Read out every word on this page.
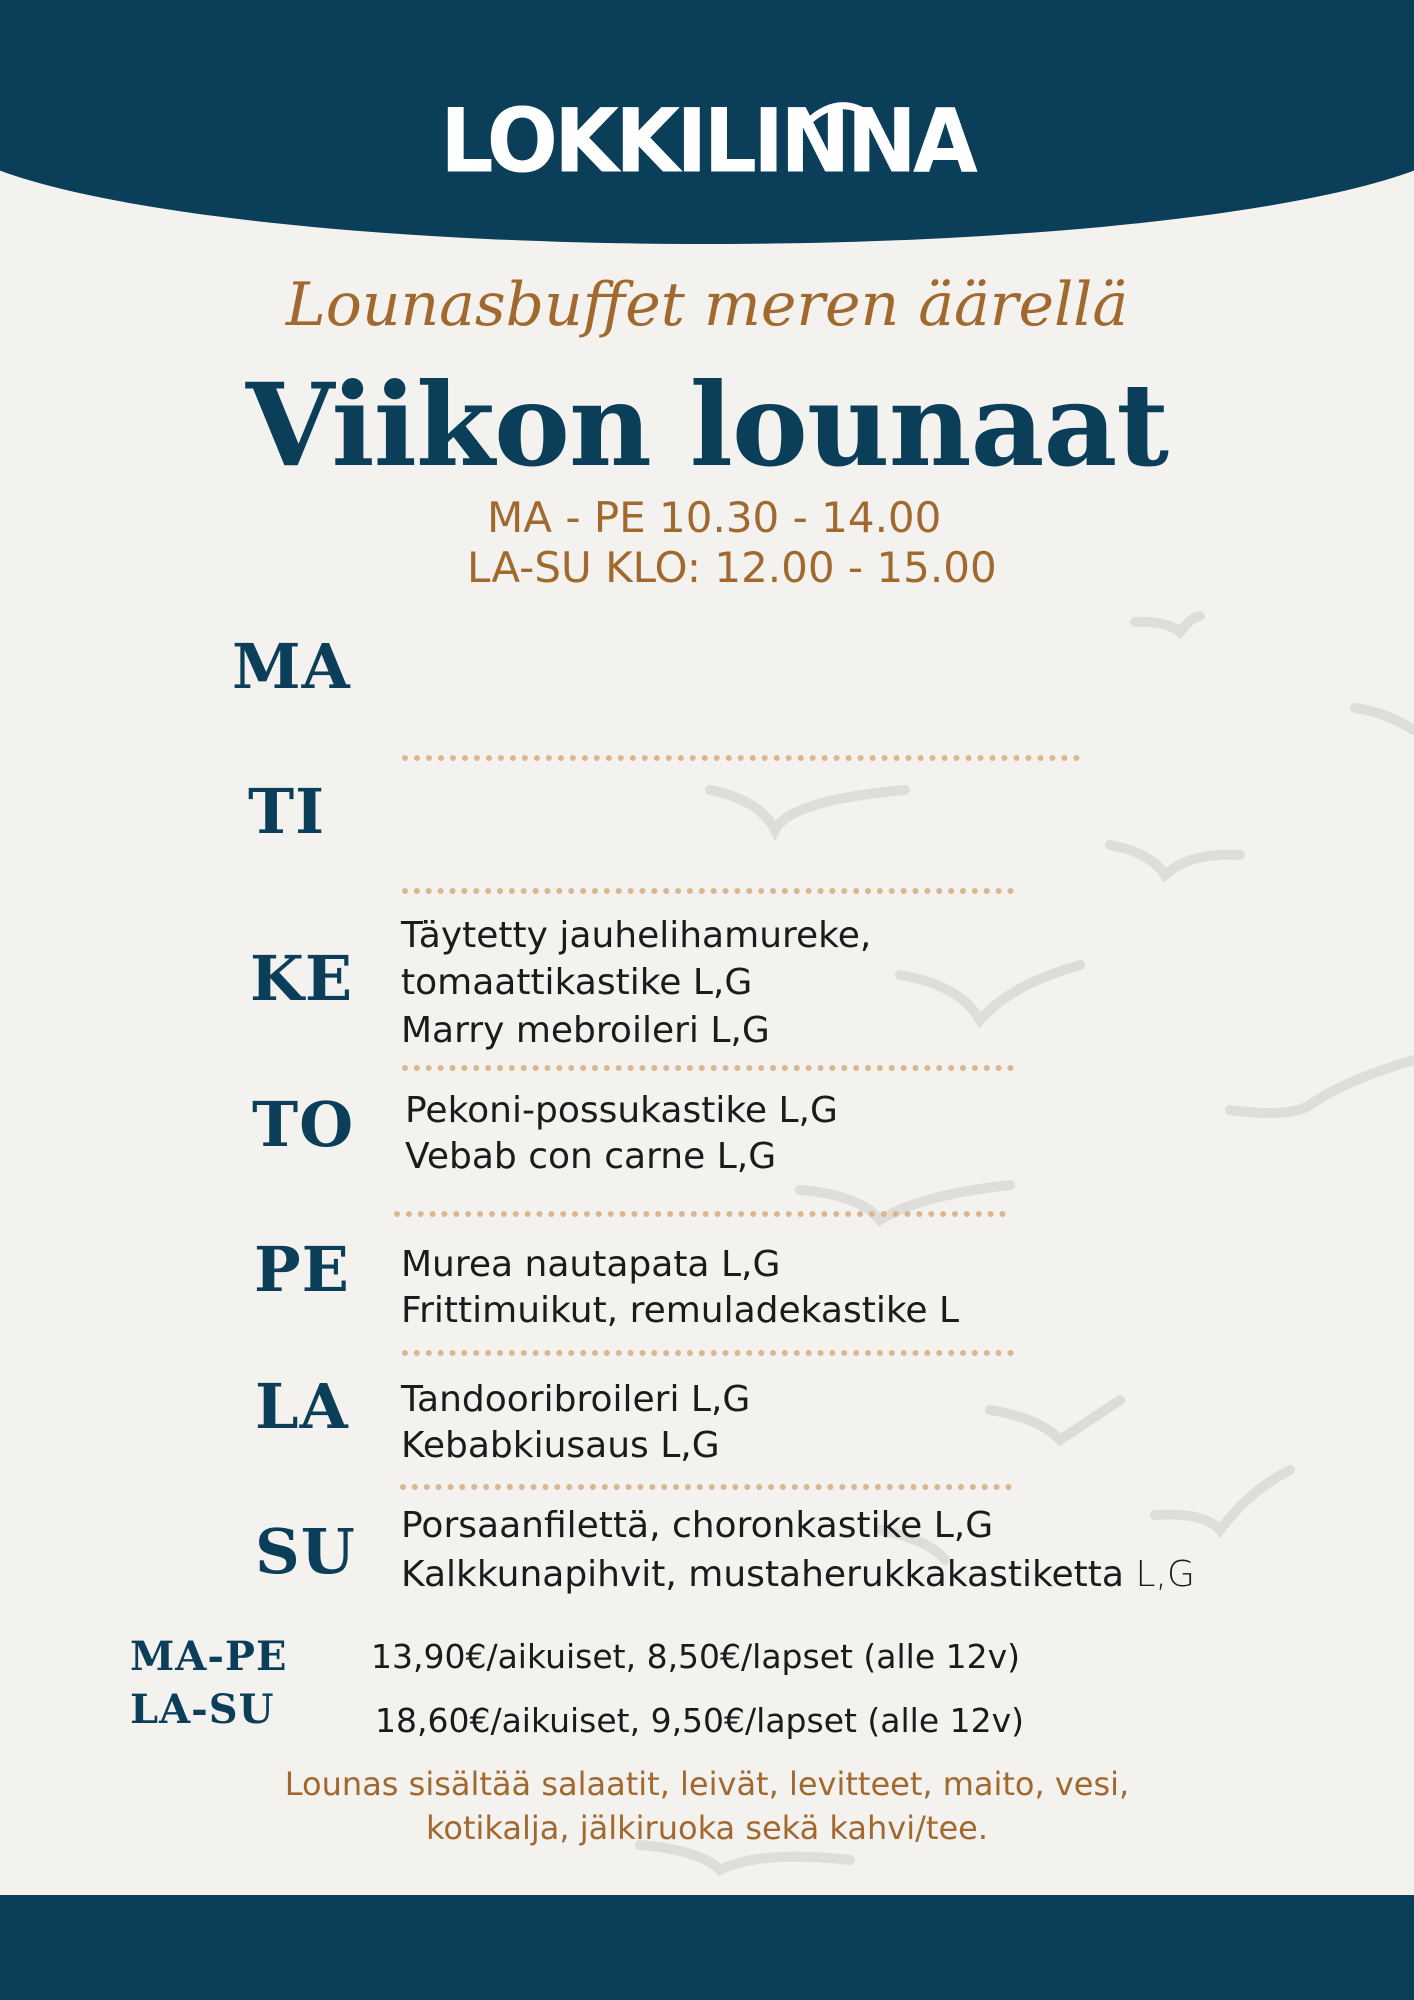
LOKKILINNA
Lounasbuffet meren äärellä
Viikon lounaat
MA - PE 10.30 - 14.00
LA-SU KLO: 12.00 - 15.00
MA
TI
KE
TO
PE
LA
SU
Täytetty jauhelihamureke,
tomaattikastike L,G
Marry mebroileri L,G
Pekoni-possukastike L,G
Vebab con carne L,G
Murea nautapata L,G
Frittimuikut, remuladekastike L
Tandooribroileri L,G
Kebabkiusaus L,G
Porsaanfilettä, choronkastike L,G
Kalkkunapihvit, mustaherukkakastiketta L,G
MA-PE
LA-SU
13,90€/aikuiset, 8,50€/lapset (alle 12v)
18,60€/aikuiset, 9,50€/lapset (alle 12v)
Lounas sisältää salaatit, leivät, levitteet, maito, vesi,
kotikalja, jälkiruoka sekä kahvi/tee.
